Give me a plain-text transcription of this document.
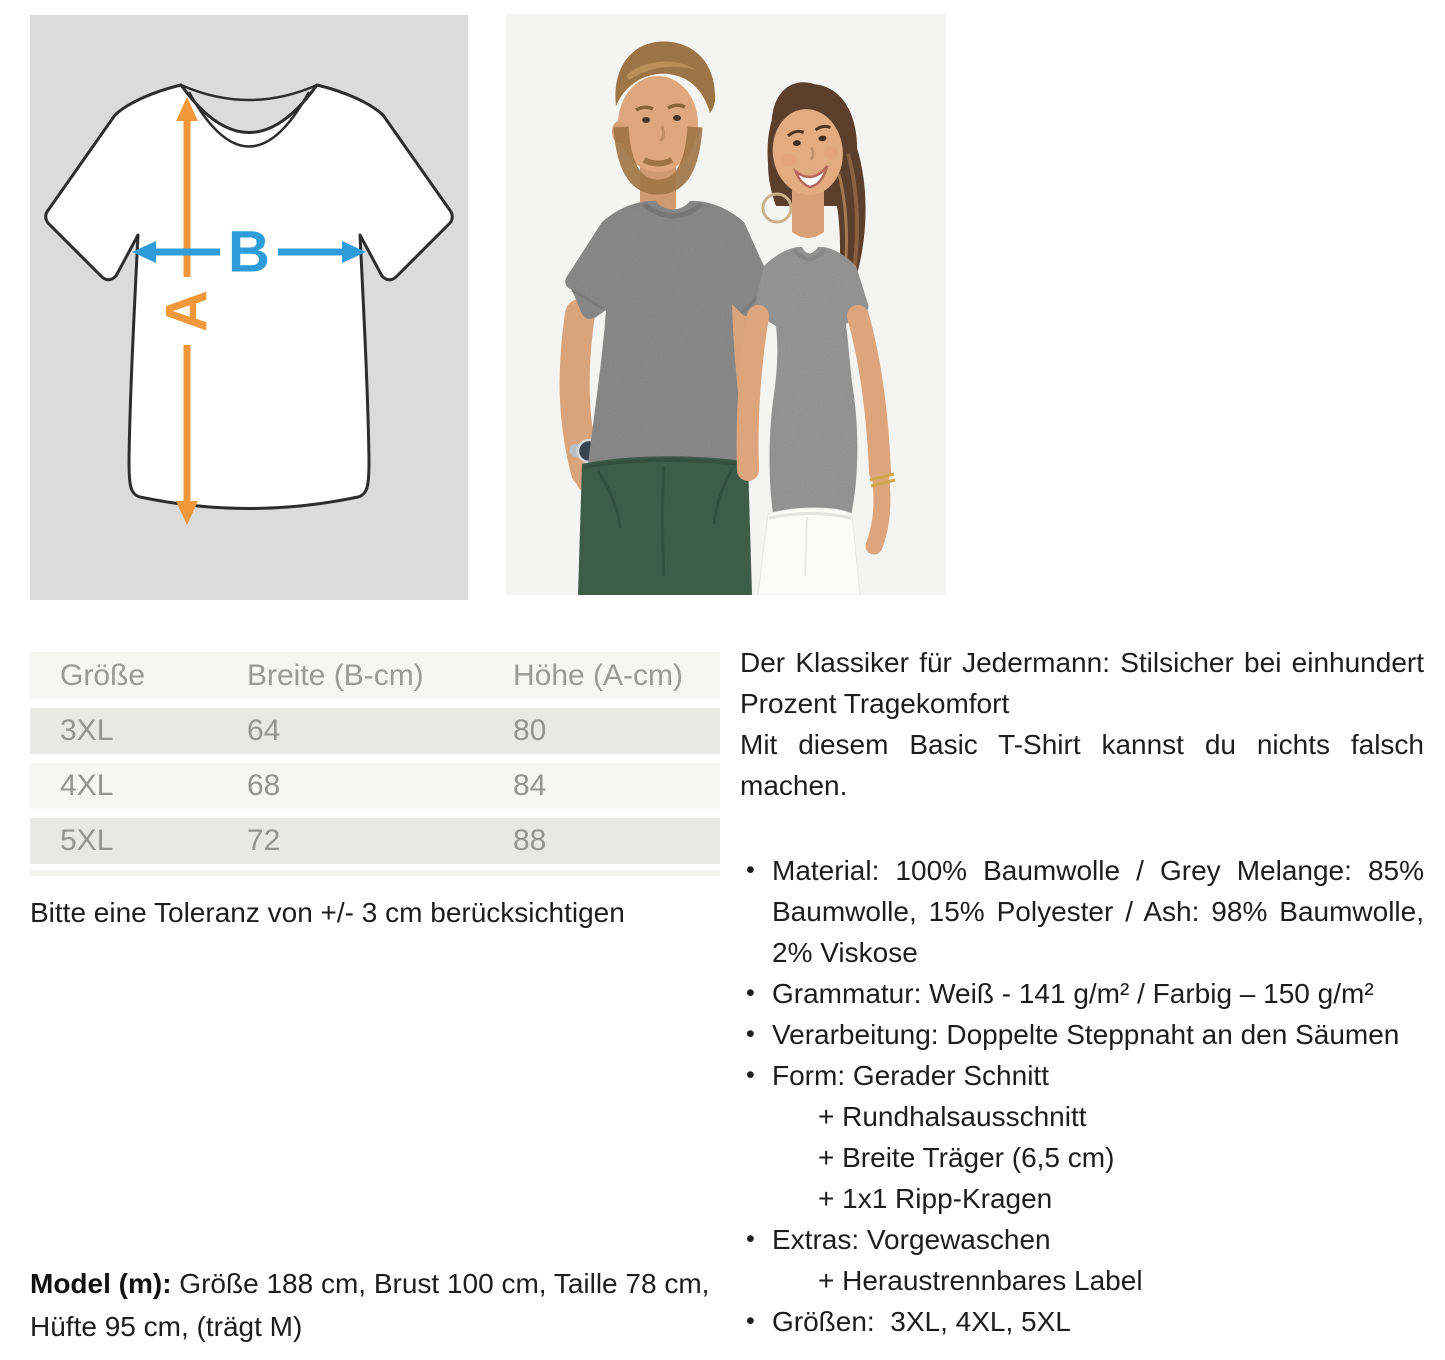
A
B
Größe	Breite (B-cm)	Höhe (A-cm)
3XL	64	80
4XL	68	84
5XL	72	88

Bitte eine Toleranz von +/- 3 cm berücksichtigen

Model (m): Größe 188 cm, Brust 100 cm, Taille 78 cm, Hüfte 95 cm, (trägt M)

Der Klassiker für Jedermann: Stilsicher bei einhundert Prozent Tragekomfort

Mit diesem Basic T-Shirt kannst du nichts falsch machen.

• Material: 100% Baumwolle / Grey Melange: 85% Baumwolle, 15% Polyester / Ash: 98% Baumwolle, 2% Viskose
• Grammatur: Weiß - 141 g/m² / Farbig – 150 g/m²
• Verarbeitung: Doppelte Steppnaht an den Säumen
• Form: Gerader Schnitt
+ Rundhalsausschnitt
+ Breite Träger (6,5 cm)
+ 1x1 Ripp-Kragen
• Extras: Vorgewaschen
+ Heraustrennbares Label
• Größen:  3XL, 4XL, 5XL
